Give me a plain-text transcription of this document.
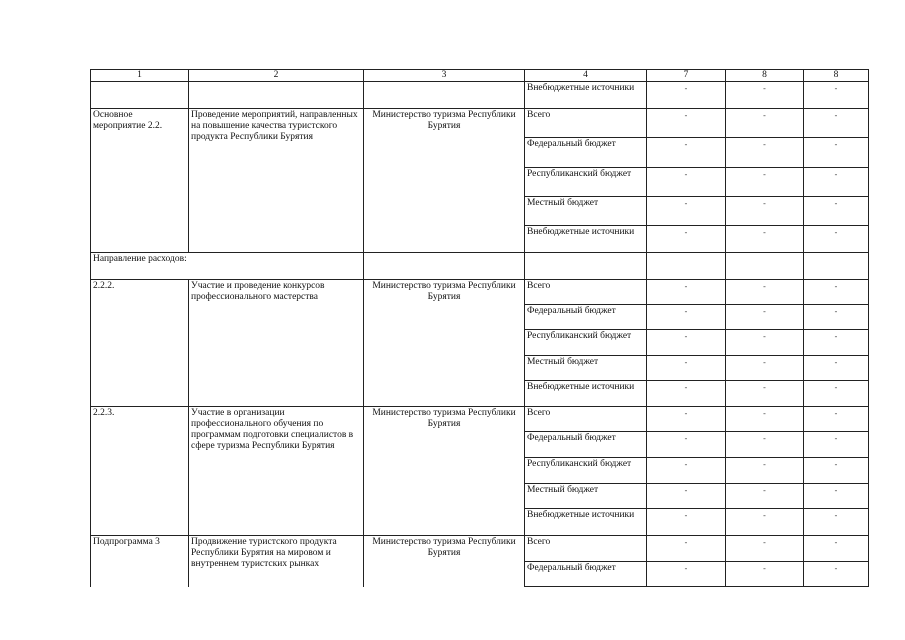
1	2	3	4	7	8	8
			Внебюджетные источники	-	-	-
Основное мероприятие 2.2.	Проведение мероприятий, направленных на повышение качества туристского продукта Республики Бурятия	Министерство туризма Республики Бурятия	Всего	-	-	-
			Федеральный бюджет	-	-	-
			Республиканский бюджет	-	-	-
			Местный бюджет	-	-	-
			Внебюджетные источники	-	-	-
Направление расходов:						
2.2.2.	Участие и проведение конкурсов профессионального мастерства	Министерство туризма Республики Бурятия	Всего	-	-	-
			Федеральный бюджет	-	-	-
			Республиканский бюджет	-	-	-
			Местный бюджет	-	-	-
			Внебюджетные источники	-	-	-
2.2.3.	Участие в организации профессионального обучения по программам подготовки специалистов в сфере туризма Республики Бурятия	Министерство туризма Республики Бурятия	Всего	-	-	-
			Федеральный бюджет	-	-	-
			Республиканский бюджет	-	-	-
			Местный бюджет	-	-	-
			Внебюджетные источники	-	-	-
Подпрограмма 3	Продвижение туристского продукта Республики Бурятия на мировом и внутреннем туристских рынках	Министерство туризма Республики Бурятия	Всего	-	-	-
			Федеральный бюджет	-	-	-
